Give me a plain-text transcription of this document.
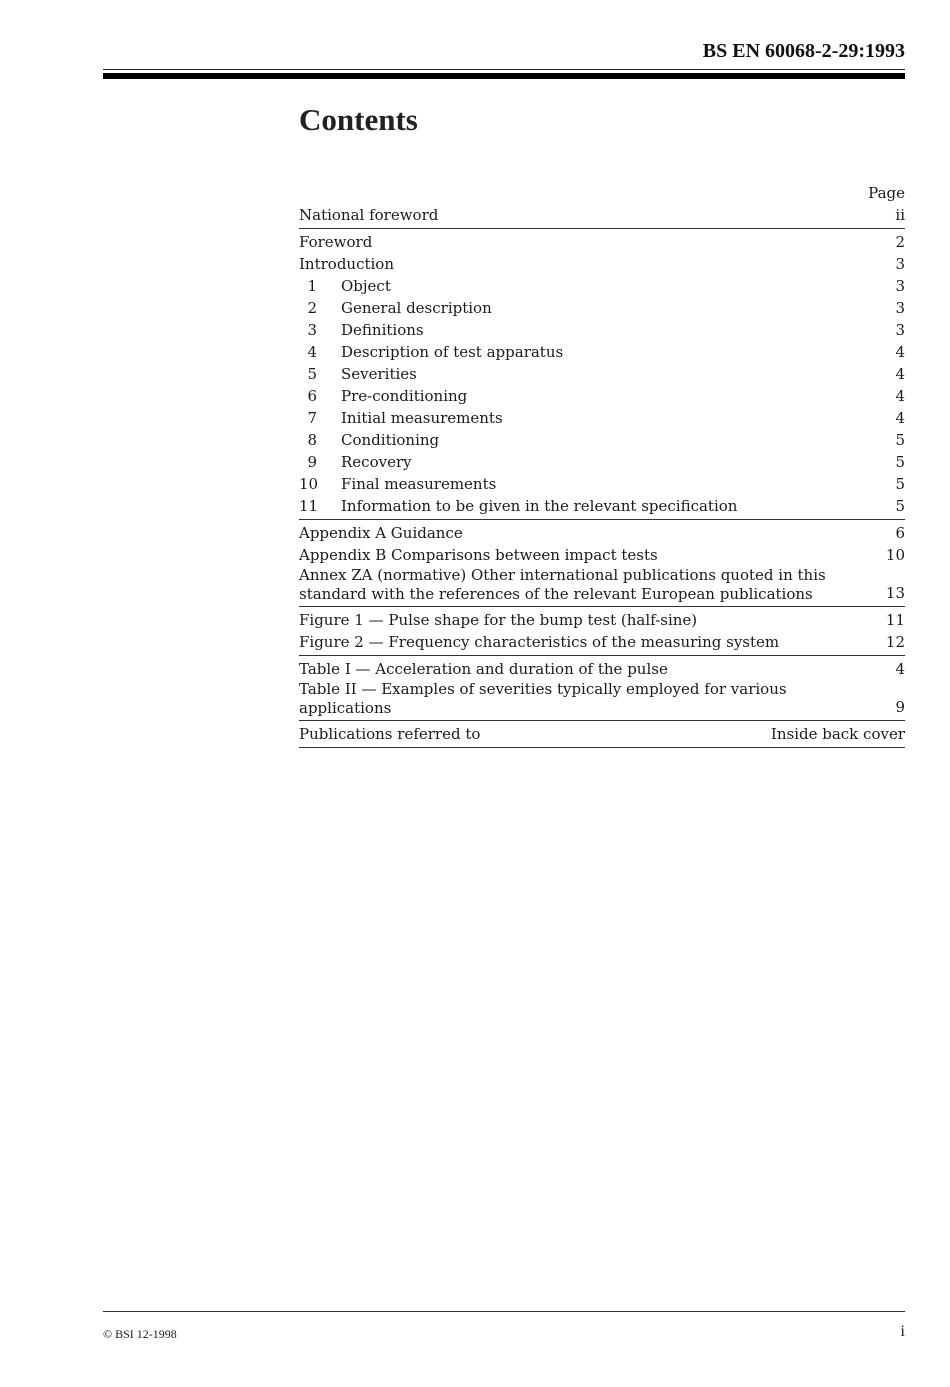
BS EN 60068-2-29:1993
Contents
Page
National foreword	ii
Foreword	2
Introduction	3
1	Object	3
2	General description	3
3	Definitions	3
4	Description of test apparatus	4
5	Severities	4
6	Pre-conditioning	4
7	Initial measurements	4
8	Conditioning	5
9	Recovery	5
10	Final measurements	5
11	Information to be given in the relevant specification	5
Appendix A Guidance	6
Appendix B Comparisons between impact tests	10
Annex ZA (normative) Other international publications quoted in this standard with the references of the relevant European publications	13
Figure 1 — Pulse shape for the bump test (half-sine)	11
Figure 2 — Frequency characteristics of the measuring system	12
Table I — Acceleration and duration of the pulse	4
Table II — Examples of severities typically employed for various applications	9
Publications referred to	Inside back cover
© BSI 12-1998	i
